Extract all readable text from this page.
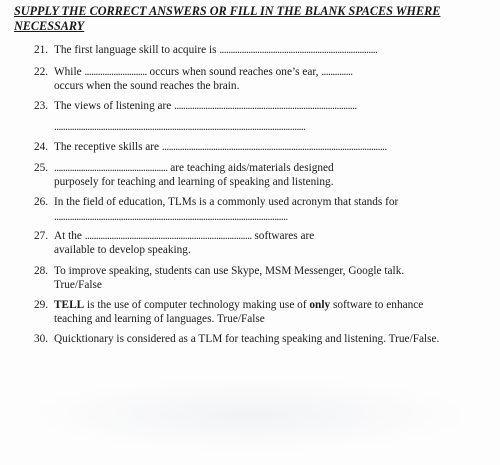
SUPPLY THE CORRECT ANSWERS OR FILL IN THE BLANK SPACES WHERE NECESSARY
21. The first language skill to acquire is .......................................................................
22. While ............................ occurs when sound reaches one’s ear, ..............
occurs when the sound reaches the brain.
23. The views of listening are ..................................................................................
.................................................................................................................
24. The receptive skills are .....................................................................................................
25. ................................................... are teaching aids/materials designed
purposely for teaching and learning of speaking and listening.
26. In the field of education, TLMs is a commonly used acronym that stands for
.........................................................................................................
27. At the ........................................................................... softwares are
available to develop speaking.
28. To improve speaking, students can use Skype, MSM Messenger, Google talk.
True/False
29. TELL is the use of computer technology making use of only software to enhance
teaching and learning of languages. True/False
30. Quicktionary is considered as a TLM for teaching speaking and listening. True/False.
